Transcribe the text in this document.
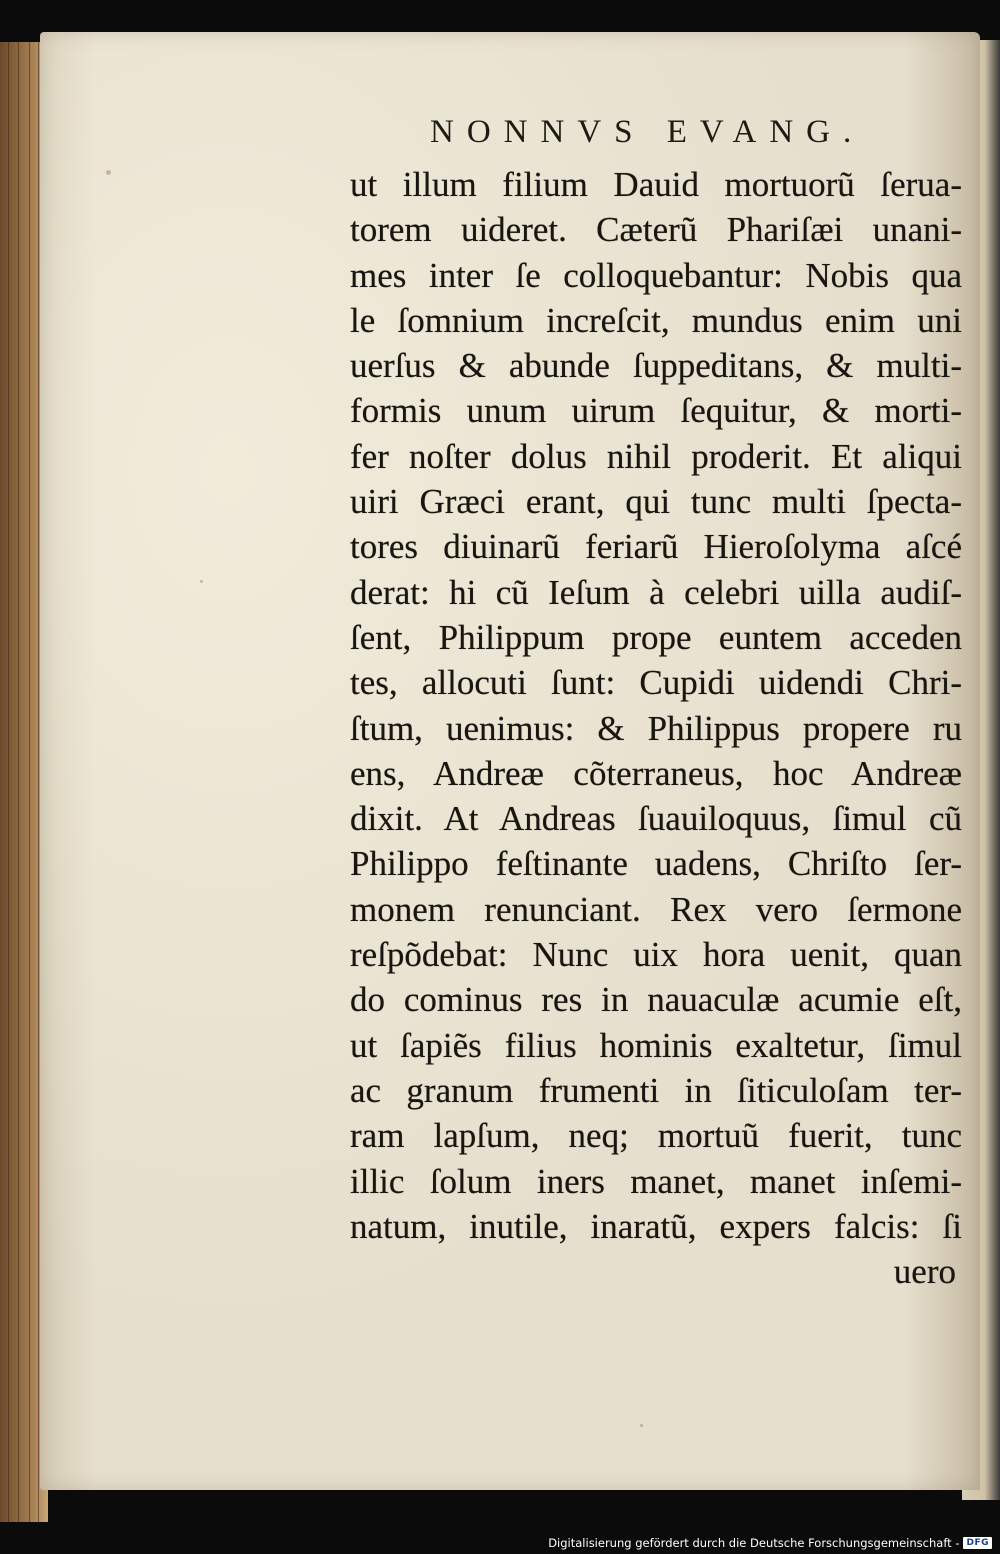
NONNVS EVANG.
ut illum filium Dauid mortuorũ ſerua-
torem uideret. Cæterũ Phariſæi unani-
mes inter ſe colloquebantur: Nobis qua
le ſomnium increſcit, mundus enim uni
uerſus & abunde ſuppeditans, & multi-
formis unum uirum ſequitur, & morti-
fer noſter dolus nihil proderit. Et aliqui
uiri Græci erant, qui tunc multi ſpecta-
tores diuinarũ feriarũ Hieroſolyma aſcé
derat: hi cũ Ieſum à celebri uilla audiſ-
ſent, Philippum prope euntem acceden
tes, allocuti ſunt: Cupidi uidendi Chri-
ſtum, uenimus: & Philippus propere ru
ens, Andreæ cõterraneus, hoc Andreæ
dixit. At Andreas ſuauiloquus, ſimul cũ
Philippo feſtinante uadens, Chriſto ſer-
monem renunciant. Rex vero ſermone
reſpõdebat: Nunc uix hora uenit, quan
do cominus res in nauaculæ acumie eſt,
ut ſapiẽs filius hominis exaltetur, ſimul
ac granum frumenti in ſiticuloſam ter-
ram lapſum, neq; mortuũ fuerit, tunc
illic ſolum iners manet, manet inſemi-
natum, inutile, inaratũ, expers falcis: ſi
uero
Digitalisierung gefördert durch die Deutsche Forschungsgemeinschaft - DFG
